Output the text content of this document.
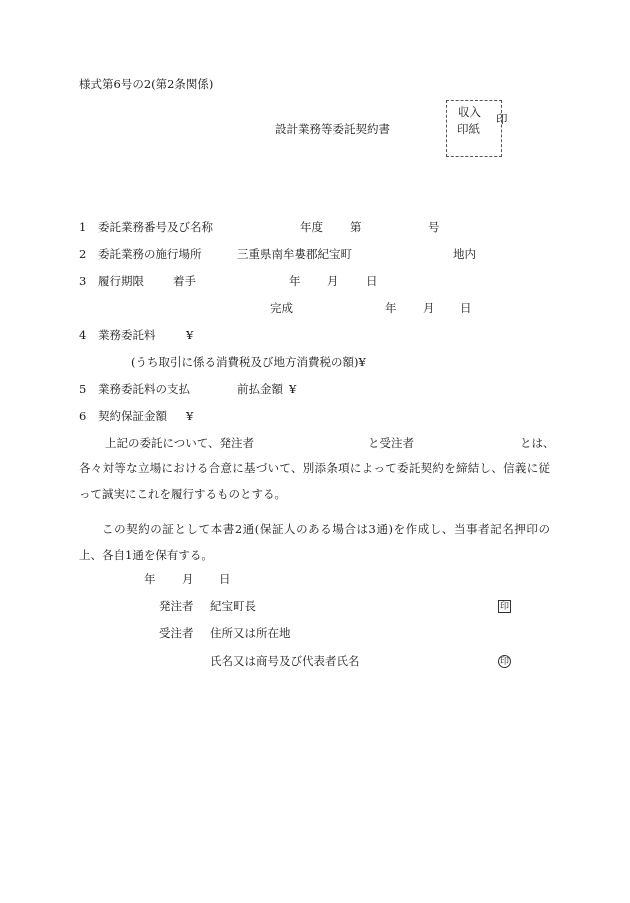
様式第6号の2(第2条関係)
設計業務等委託契約書
収入
印紙
印
1 委託業務番号及び名称	年度 第	号
2 委託業務の施行場所	三重県南牟婁郡紀宝町	地内
3 履行期限	着手	年 月 日
完成	年 月 日
4 業務委託料	¥
(うち取引に係る消費税及び地方消費税の額)¥
5 業務委託料の支払	前払金額 ¥
6 契約保証金額 ¥
上記の委託について、発注者	と受注者	とは、
各々対等な立場における合意に基づいて、別添条項によって委託契約を締結し、信義に従って誠実にこれを履行するものとする。
この契約の証として本書2通(保証人のある場合は3通)を作成し、当事者記名押印の上、各自1通を保有する。
年 月 日
発注者 紀宝町長	印
受注者 住所又は所在地
氏名又は商号及び代表者氏名	印
